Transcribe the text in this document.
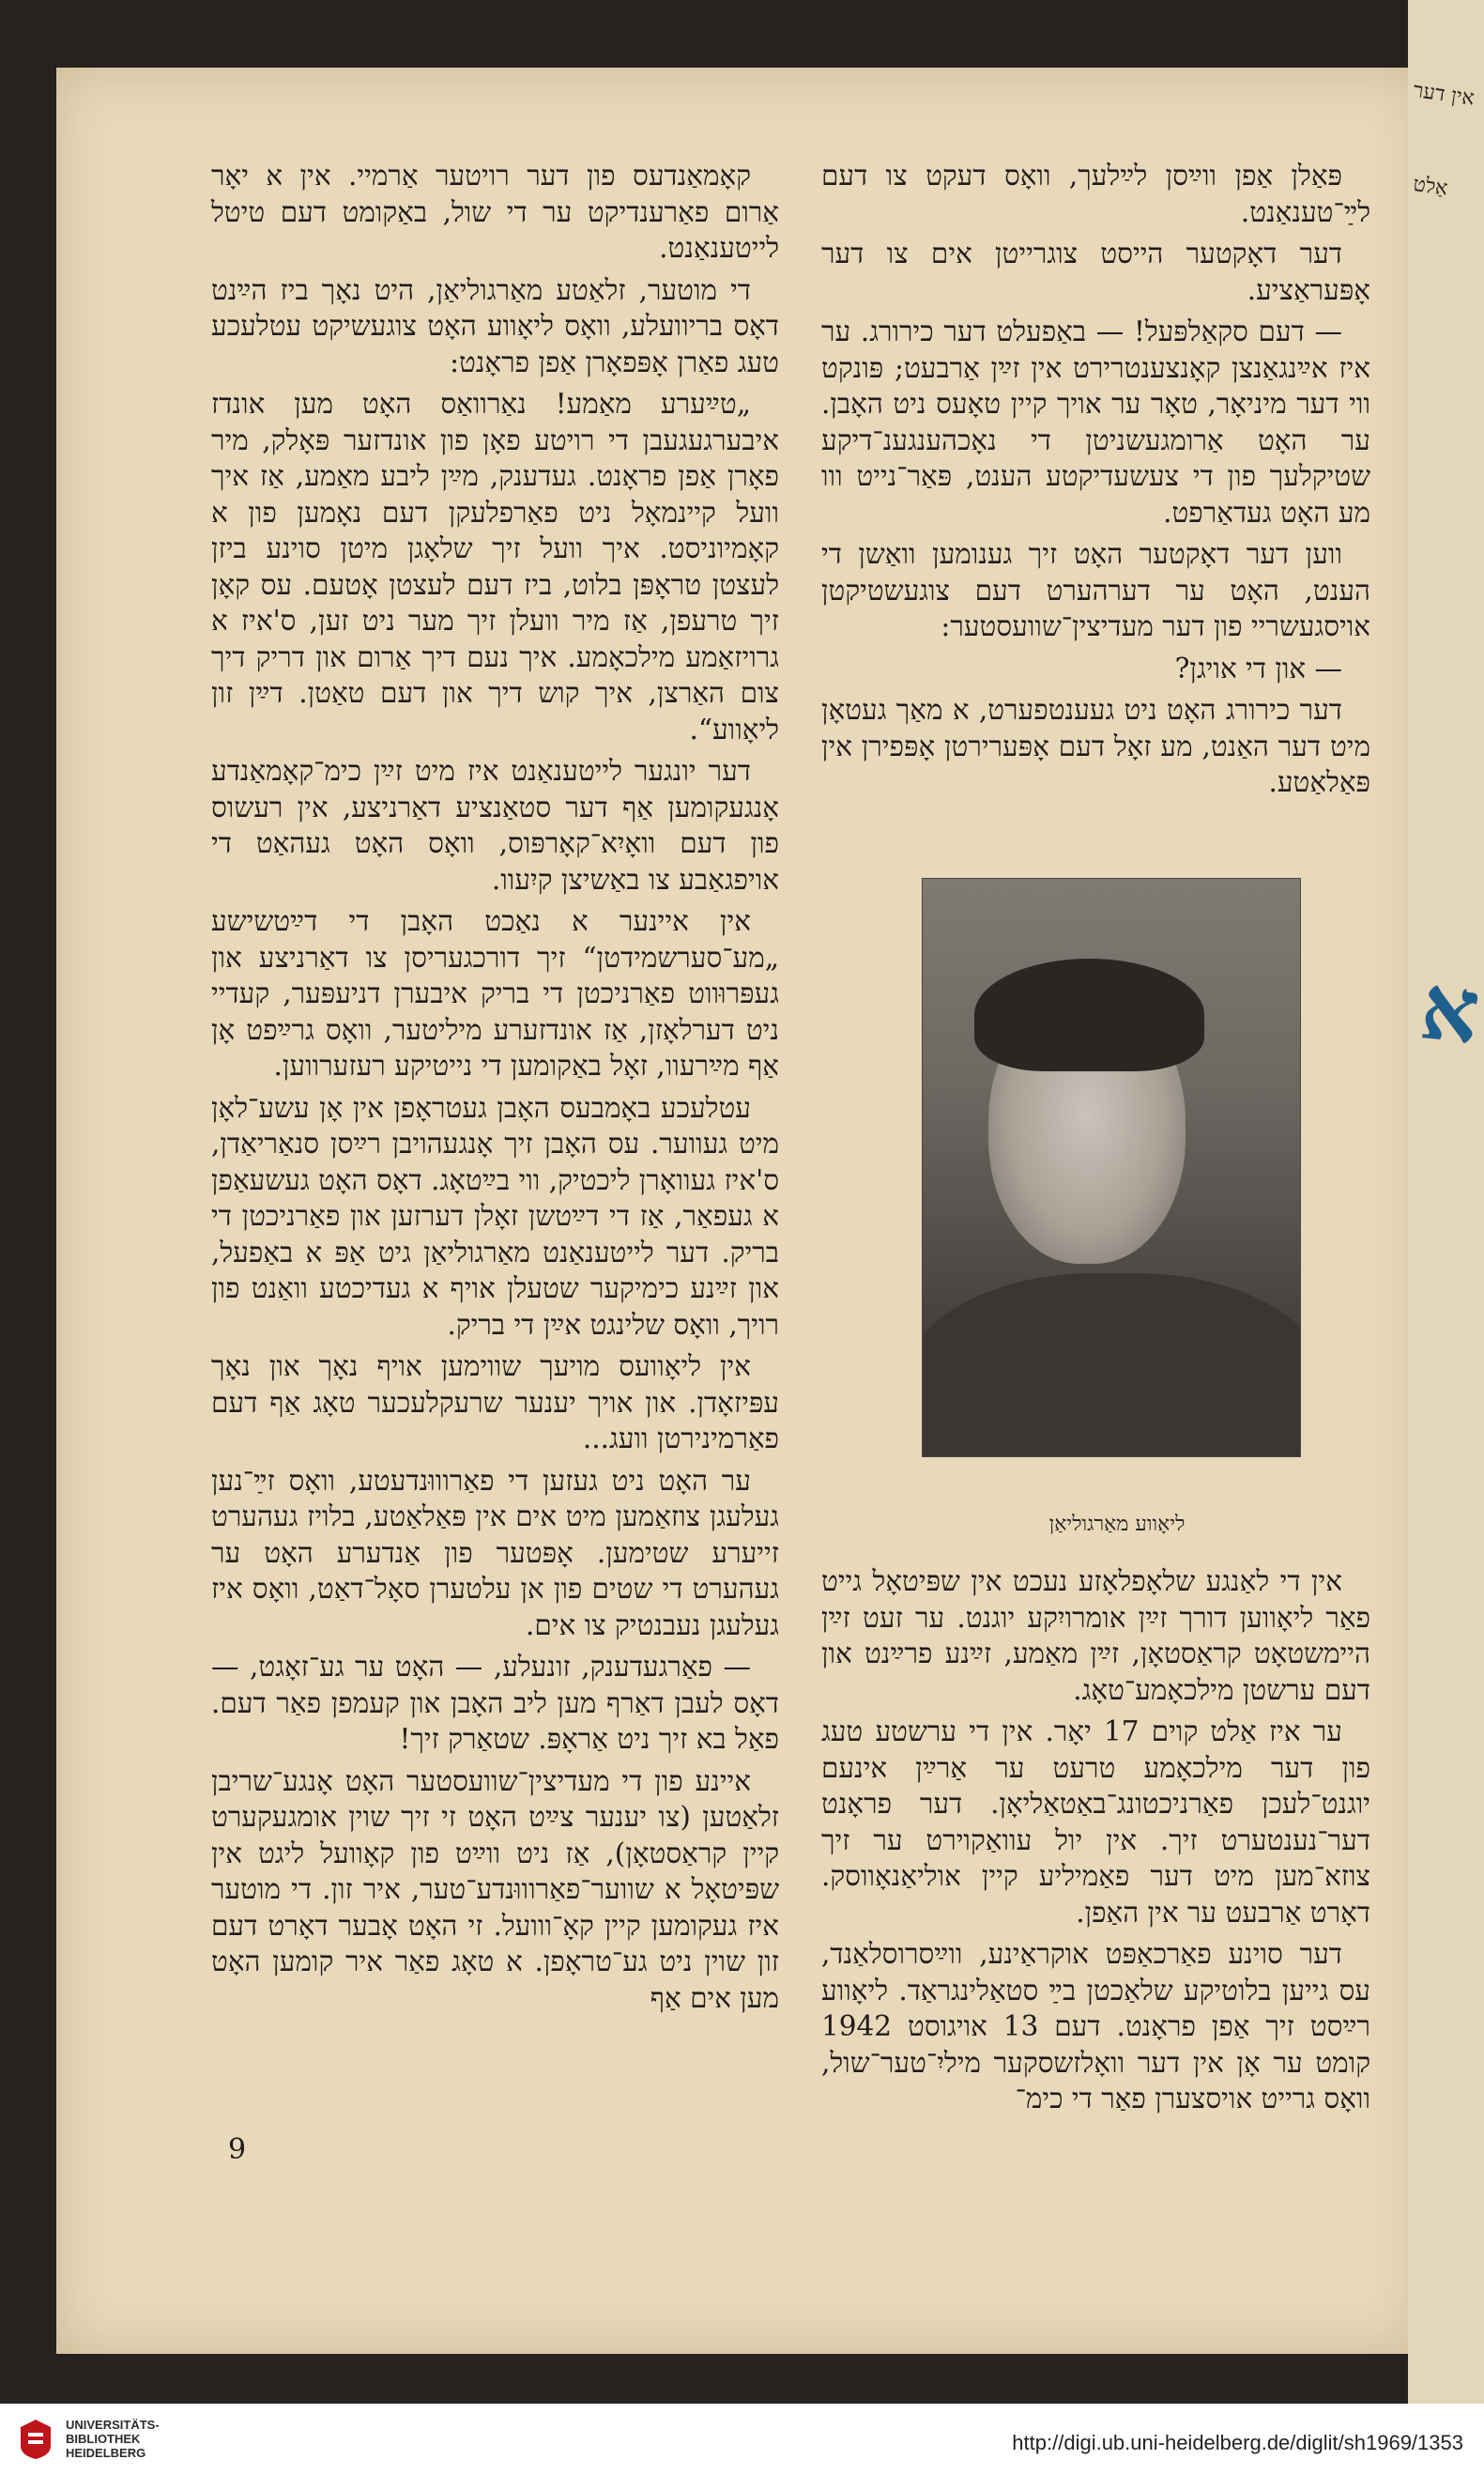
אין דער
אַלט
א

פּאַלן אַפן ווײַסן לײַלעך, וואָס דעקט צו דעם לײַ־טענאַנט.

דער דאָקטער הייסט צוגרייטן אים צו דער אָפּעראַציע.

— דעם סקאַלפּעל! — באַפעלט דער כירורג. ער איז אײַנגאַנצן קאָנצענטרירט אין זײַן אַרבעט; פּונקט ווי דער מיניאָר, טאָר ער אויך קיין טאָעס ניט האָבן. ער האָט אַרומגעשניטן די נאָכהענגענ־דיקע שטיקלעך פון די צעשעדיקטע הענט, פּאַר־נייט ווו מע האָט געדאַרפט.

ווען דער דאָקטער האָט זיך גענומען וואַשן די הענט, האָט ער דערהערט דעם צוגעשטיקטן אויסגעשריי פון דער מעדיצין־שוועסטער:

— און די אויגן?

דער כירורג האָט ניט געענטפערט, א מאַך געטאָן מיט דער האַנט, מע זאָל דעם אָפּערירטן אָפּפירן אין פּאַלאַטע.

ליאָווע מאַרגוליאַן

אין די לאַנגע שלאָפלאָזע נעכט אין שפּיטאָל גייט פאַר ליאָווען דורך זײַן אומרויִקע יוגנט. ער זעט זײַן היימשטאָט קראַסטאָן, זײַן מאַמע, זײַנע פרײַנט און דעם ערשטן מילכאָמע־טאָג.

ער איז אַלט קוים 17 יאָר. אין די ערשטע טעג פון דער מילכאָמע טרעט ער אַרײַן אינעם יוגנט־לעכן פאַרניכטונג־באַטאַליאָן. דער פראָנט דער־נענטערט זיך. אין יול עוואַקוירט ער זיך צוזא־מען מיט דער פאַמיליע קיין אוליאַנאָווסק. דאָרט אַרבעט ער אין האַפן.

דער סוינע פאַרכאַפּט אוקראַינע, ווײַסרוסלאַנד, עס גייען בלוטיקע שלאַכטן בײַ סטאַלינגראַד. ליאָווע רײַסט זיך אַפן פראָנט. דעם 13 אויגוסט 1942 קומט ער אָן אין דער וואָלזשסקער מיליִ־טער־שול, וואָס גרייט אויסצערן פאַר די כימ־

קאָמאַנדעס פון דער רויטער אַרמיי. אין א יאָר אַרום פאַרענדיקט ער די שול, באַקומט דעם טיטל לייטענאַנט.

די מוטער, זלאַטע מאַרגוליאַן, היט נאָך ביז הײַנט דאָס בריוועלע, וואָס ליאָווע האָט צוגעשיקט עטלעכע טעג פאַרן אָפּפאָרן אַפן פראָנט:

„טײַערע מאַמע! נאַרוואַס האָט מען אונדז איבערגעגעבן די רויטע פאָן פון אונדזער פּאָלק, מיר פאָרן אַפן פראָנט. געדענק, מײַן ליבע מאַמע, אַז איך וועל קיינמאָל ניט פאַרפלעקן דעם נאָמען פון א קאָמיוניסט. איך וועל זיך שלאָגן מיטן סוינע ביזן לעצטן טראָפּן בלוט, ביז דעם לעצטן אָטעם. עס קאָן זיך טרעפן, אַז מיר וועלן זיך מער ניט זען, ס'איז א גרויזאַמע מילכאָמע. איך נעם דיך אַרום און דריק דיך צום האַרצן, איך קוש דיך און דעם טאַטן. דײַן זון ליאָווע“.

דער יונגער לייטענאַנט איז מיט זײַן כימ־קאָמאַנדע אָנגעקומען אַף דער סטאַנציע דאַרניצע, אין רעשוס פון דעם וואָיִא־קאָרפּוס, וואָס האָט געהאַט די אויפגאַבע צו באַשיצן קיִעוו.

אין איינער א נאַכט האָבן די דײַטשישע „מע־סערשמידטן“ זיך דורכגעריסן צו דאַרניצע און געפּרוּווט פאַרניכטן די בריק איבערן דניעפּער, קעדיי ניט דערלאָזן, אַז אונדזערע מיליטער, וואָס גרײַפט אָן אַף מײַרעוו, זאָל באַקומען די נייטיקע רעזערווען.

עטלעכע באָמבעס האָבן געטראָפן אין אָן עשע־לאָן מיט געווער. עס האָבן זיך אָנגעהויבן רײַסן סנאַריאַדן, ס'איז געוואָרן ליכטיק, ווי בײַטאָג. דאָס האָט געשעאַפן א געפאַר, אַז די דײַטשן זאָלן דערזען און פאַרניכטן די בריק. דער לייטענאַנט מאַרגוליאַן גיט אַפּ א באַפעל, און זײַנע כימיקער שטעלן אויף א געדיכטע וואַנט פון רויך, וואָס שלינגט אײַן די בריק.

אין ליאָוועס מויעך שווימען אויף נאָך און נאָך עפּיזאָדן. און אויך יענער שרעקלעכער טאָג אַף דעם פאַרמינירטן וועג...

ער האָט ניט געזען די פאַרוווּנדעטע, וואָס זײַ־נען געלעגן צוזאַמען מיט אים אין פּאַלאַטע, בלויז געהערט זייערע שטימען. אָפּטער פון אַנדערע האָט ער געהערט די שטים פון אן עלטערן סאָל־דאַט, וואָס איז געלעגן נעבנטיק צו אים.

— פאַרגעדענק, זונעלע, — האָט ער גע־זאָגט, — דאָס לעבן דאַרף מען ליב האָבן און קעמפן פאַר דעם. פאַל בא זיך ניט אַראָפּ. שטאַרק זיך!

איינע פון די מעדיצין־שוועסטער האָט אָנגע־שריבן זלאַטען (צו יענער צײַט האָט זי זיך שוין אומגעקערט קיין קראַסטאָן), אַז ניט ווײַט פון קאָוועל ליגט אין שפּיטאָל א שווער־פאַרוווּנדע־טער, איר זון. די מוטער איז געקומען קיין קאָ־ווועל. זי האָט אָבער דאָרט דעם זון שוין ניט גע־טראָפן. א טאָג פאַר איר קומען האָט מען אים אַף

9
UNIVERSITÄTS-
BIBLIOTHEK
HEIDELBERG	http://digi.ub.uni-heidelberg.de/diglit/sh1969/1353
